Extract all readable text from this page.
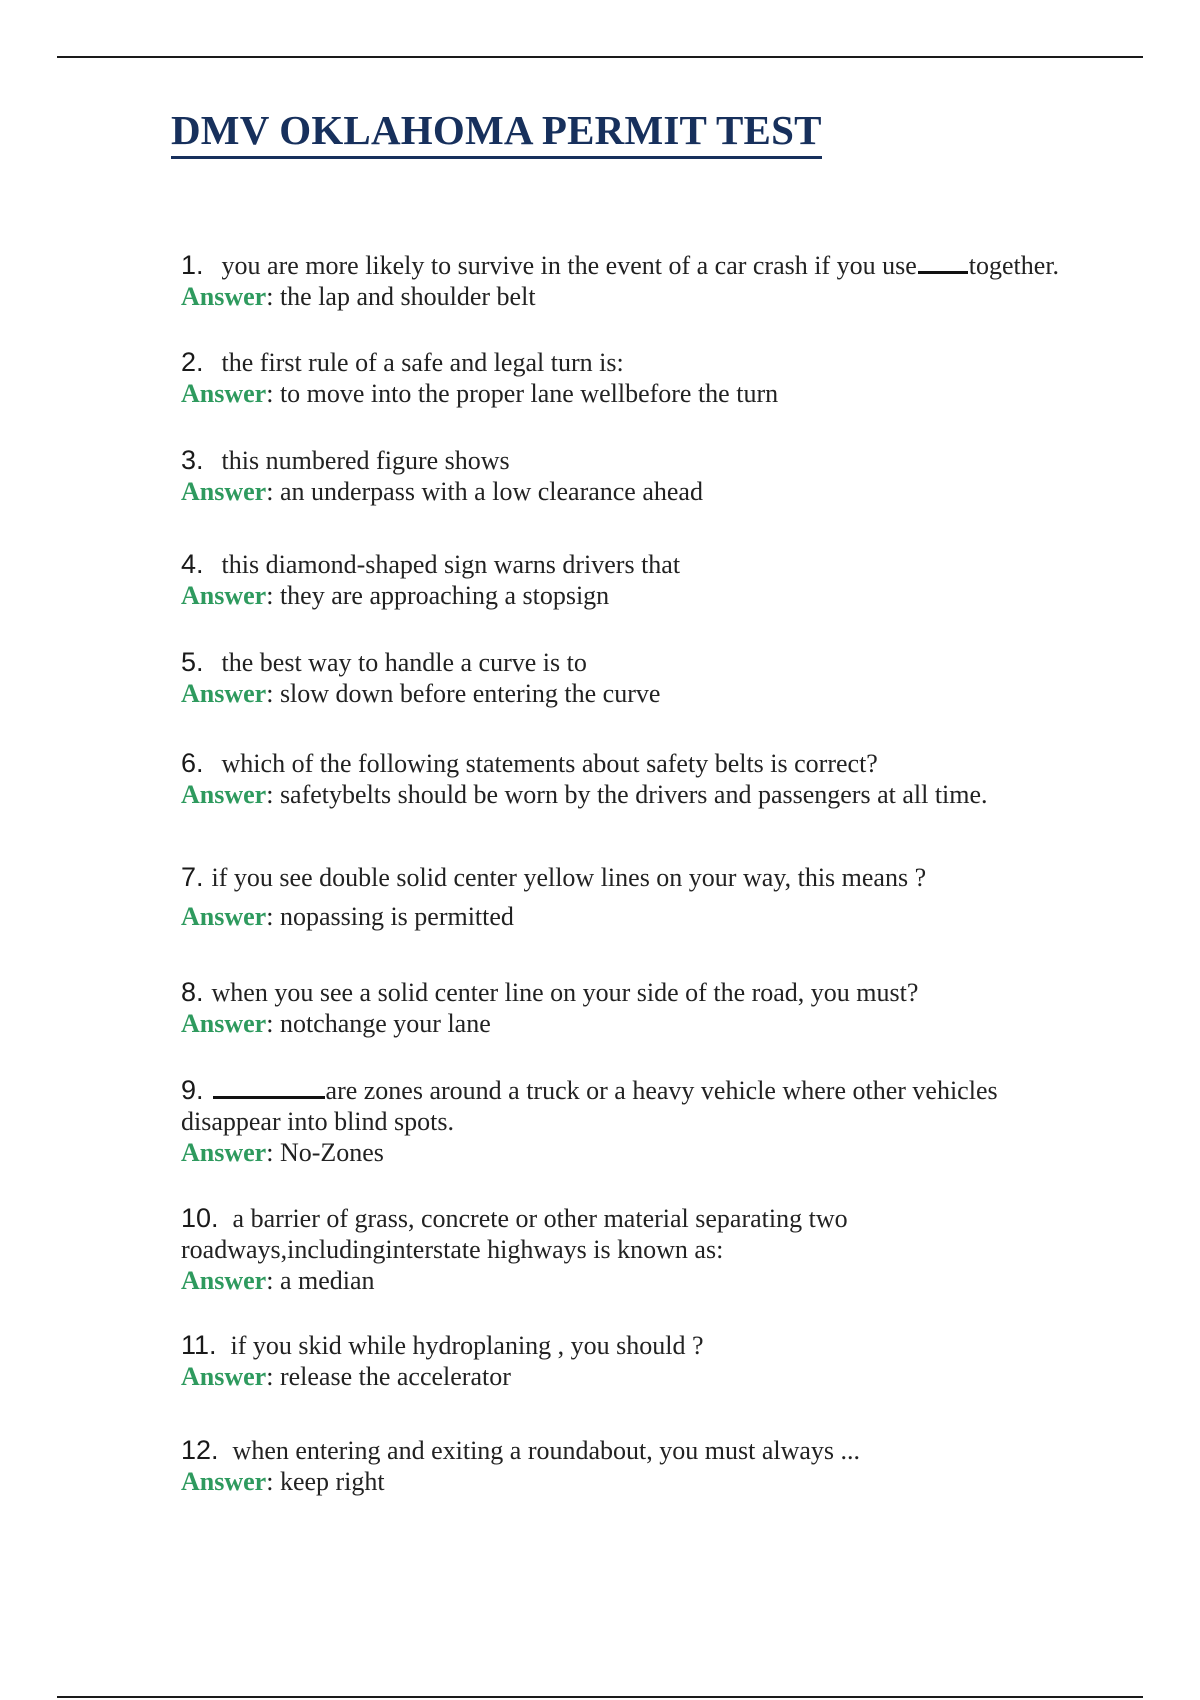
DMV OKLAHOMA PERMIT TEST
1. you are more likely to survive in the event of a car crash if you use together.
Answer: the lap and shoulder belt
2. the first rule of a safe and legal turn is:
Answer: to move into the proper lane wellbefore the turn
3. this numbered figure shows
Answer: an underpass with a low clearance ahead
4. this diamond-shaped sign warns drivers that
Answer: they are approaching a stopsign
5. the best way to handle a curve is to
Answer: slow down before entering the curve
6. which of the following statements about safety belts is correct?
Answer: safetybelts should be worn by the drivers and passengers at all time.
7. if you see double solid center yellow lines on your way, this means ?
Answer: nopassing is permitted
8. when you see a solid center line on your side of the road, you must?
Answer: notchange your lane
9.	are zones around a truck or a heavy vehicle where other vehicles
disappear into blind spots.
Answer: No-Zones
10. a barrier of grass, concrete or other material separating two
roadways,includinginterstate highways is known as:
Answer: a median
11. if you skid while hydroplaning , you should ?
Answer: release the accelerator
12. when entering and exiting a roundabout, you must always ...
Answer: keep right
